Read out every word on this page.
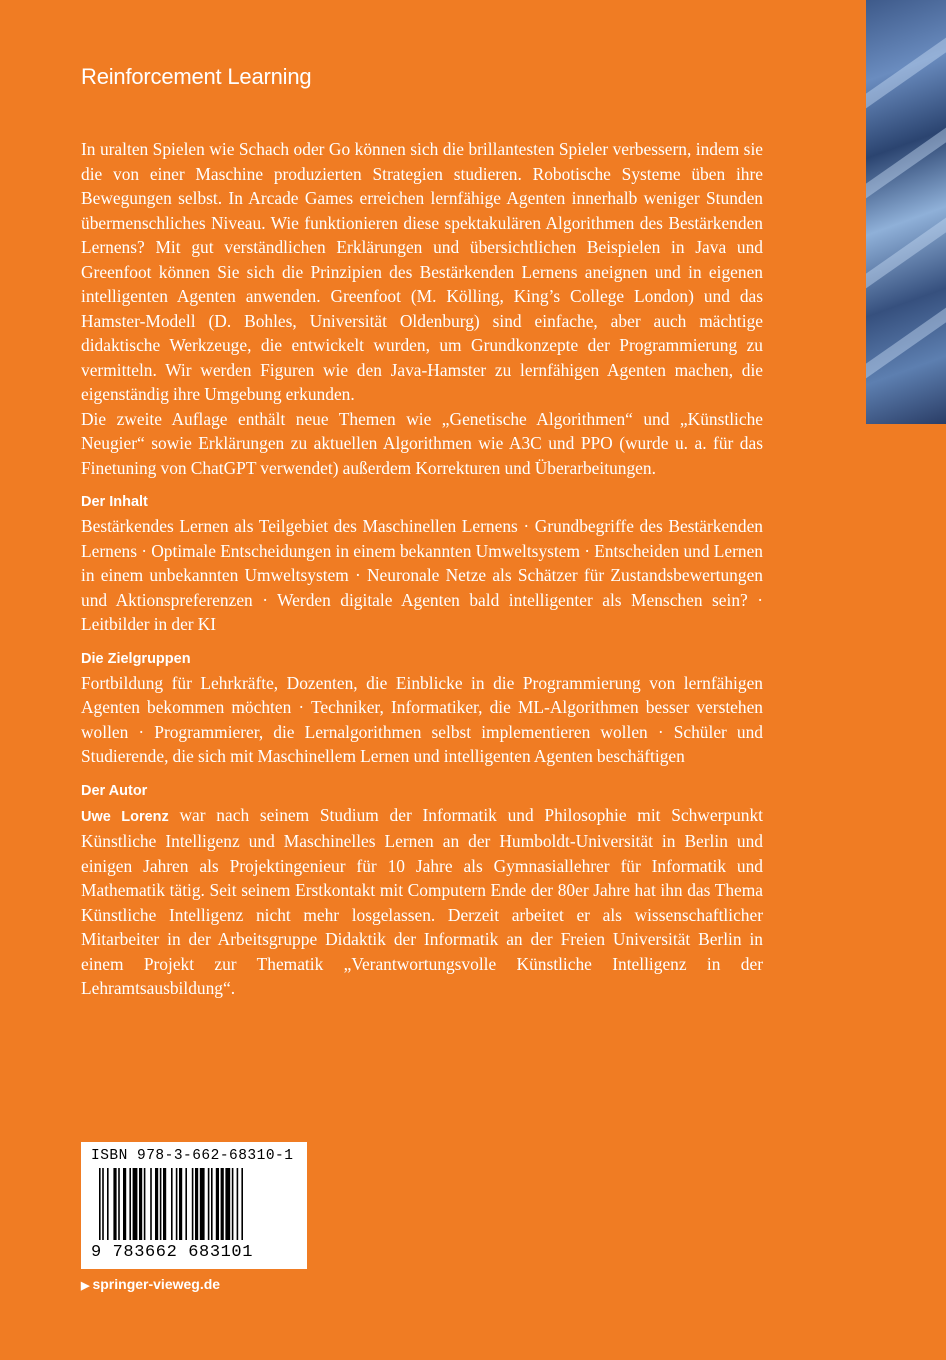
Reinforcement Learning

In uralten Spielen wie Schach oder Go können sich die brillantesten Spieler verbessern, indem sie die von einer Maschine produzierten Strategien studieren. Robotische Systeme üben ihre Bewegungen selbst. In Arcade Games erreichen lernfähige Agenten innerhalb weniger Stunden übermenschliches Niveau. Wie funktionieren diese spektakulären Algorithmen des Bestärkenden Lernens? Mit gut verständlichen Erklärungen und übersichtlichen Beispielen in Java und Greenfoot können Sie sich die Prinzipien des Bestärkenden Lernens aneignen und in eigenen intelligenten Agenten anwenden. Greenfoot (M. Kölling, King’s College London) und das Hamster-Modell (D. Bohles, Universität Oldenburg) sind einfache, aber auch mächtige didaktische Werkzeuge, die entwickelt wurden, um Grundkonzepte der Programmierung zu vermitteln. Wir werden Figuren wie den Java-Hamster zu lernfähigen Agenten machen, die eigenständig ihre Umgebung erkunden.

Die zweite Auflage enthält neue Themen wie „Genetische Algorithmen“ und „Künstliche Neugier“ sowie Erklärungen zu aktuellen Algorithmen wie A3C und PPO (wurde u. a. für das Finetuning von ChatGPT verwendet) außerdem Korrekturen und Überarbeitungen.

Der Inhalt

Bestärkendes Lernen als Teilgebiet des Maschinellen Lernens · Grundbegriffe des Bestärkenden Lernens · Optimale Entscheidungen in einem bekannten Umweltsystem · Entscheiden und Lernen in einem unbekannten Umweltsystem · Neuronale Netze als Schätzer für Zustandsbewertungen und Aktionspreferenzen · Werden digitale Agenten bald intelligenter als Menschen sein? · Leitbilder in der KI

Die Zielgruppen

Fortbildung für Lehrkräfte, Dozenten, die Einblicke in die Programmierung von lernfähigen Agenten bekommen möchten · Techniker, Informatiker, die ML-Algorithmen besser verstehen wollen · Programmierer, die Lernalgorithmen selbst implementieren wollen · Schüler und Studierende, die sich mit Maschinellem Lernen und intelligenten Agenten beschäftigen

Der Autor

Uwe Lorenz war nach seinem Studium der Informatik und Philosophie mit Schwerpunkt Künstliche Intelligenz und Maschinelles Lernen an der Humboldt-Universität in Berlin und einigen Jahren als Projektingenieur für 10 Jahre als Gymnasiallehrer für Informatik und Mathematik tätig. Seit seinem Erstkontakt mit Computern Ende der 80er Jahre hat ihn das Thema Künstliche Intelligenz nicht mehr losgelassen. Derzeit arbeitet er als wissenschaftlicher Mitarbeiter in der Arbeitsgruppe Didaktik der Informatik an der Freien Universität Berlin in einem Projekt zur Thematik „Verantwortungsvolle Künstliche Intelligenz in der Lehramtsausbildung“.

ISBN 978-3-662-68310-1
9 783662 683101
▶ springer-vieweg.de
